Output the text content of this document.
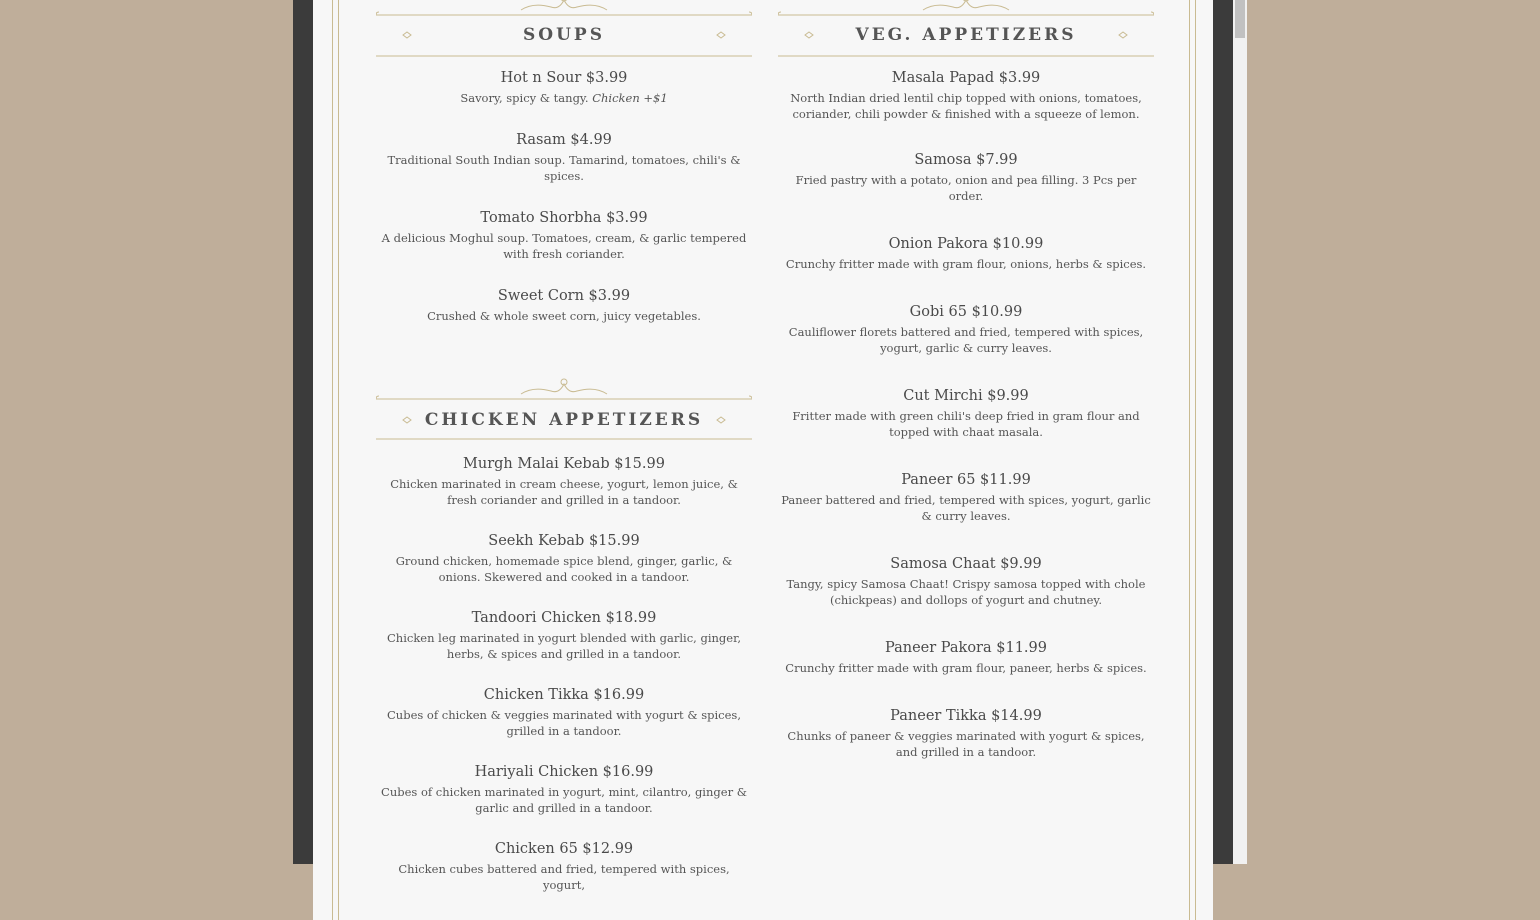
SOUPS
Hot n Sour $3.99
Savory, spicy & tangy. Chicken +$1
Rasam $4.99
Traditional South Indian soup. Tamarind, tomatoes, chili's & spices.
Tomato Shorbha $3.99
A delicious Moghul soup. Tomatoes, cream, & garlic tempered with fresh coriander.
Sweet Corn $3.99
Crushed & whole sweet corn, juicy vegetables.
CHICKEN APPETIZERS
Murgh Malai Kebab $15.99
Chicken marinated in cream cheese, yogurt, lemon juice, & fresh coriander and grilled in a tandoor.
Seekh Kebab $15.99
Ground chicken, homemade spice blend, ginger, garlic, & onions. Skewered and cooked in a tandoor.
Tandoori Chicken $18.99
Chicken leg marinated in yogurt blended with garlic, ginger, herbs, & spices and grilled in a tandoor.
Chicken Tikka $16.99
Cubes of chicken & veggies marinated with yogurt & spices, grilled in a tandoor.
Hariyali Chicken $16.99
Cubes of chicken marinated in yogurt, mint, cilantro, ginger & garlic and grilled in a tandoor.
Chicken 65 $12.99
Chicken cubes battered and fried, tempered with spices, yogurt,
VEG. APPETIZERS
Masala Papad $3.99
North Indian dried lentil chip topped with onions, tomatoes, coriander, chili powder & finished with a squeeze of lemon.
Samosa $7.99
Fried pastry with a potato, onion and pea filling. 3 Pcs per order.
Onion Pakora $10.99
Crunchy fritter made with gram flour, onions, herbs & spices.
Gobi 65 $10.99
Cauliflower florets battered and fried, tempered with spices, yogurt, garlic & curry leaves.
Cut Mirchi $9.99
Fritter made with green chili's deep fried in gram flour and topped with chaat masala.
Paneer 65 $11.99
Paneer battered and fried, tempered with spices, yogurt, garlic & curry leaves.
Samosa Chaat $9.99
Tangy, spicy Samosa Chaat! Crispy samosa topped with chole (chickpeas) and dollops of yogurt and chutney.
Paneer Pakora $11.99
Crunchy fritter made with gram flour, paneer, herbs & spices.
Paneer Tikka $14.99
Chunks of paneer & veggies marinated with yogurt & spices, and grilled in a tandoor.
